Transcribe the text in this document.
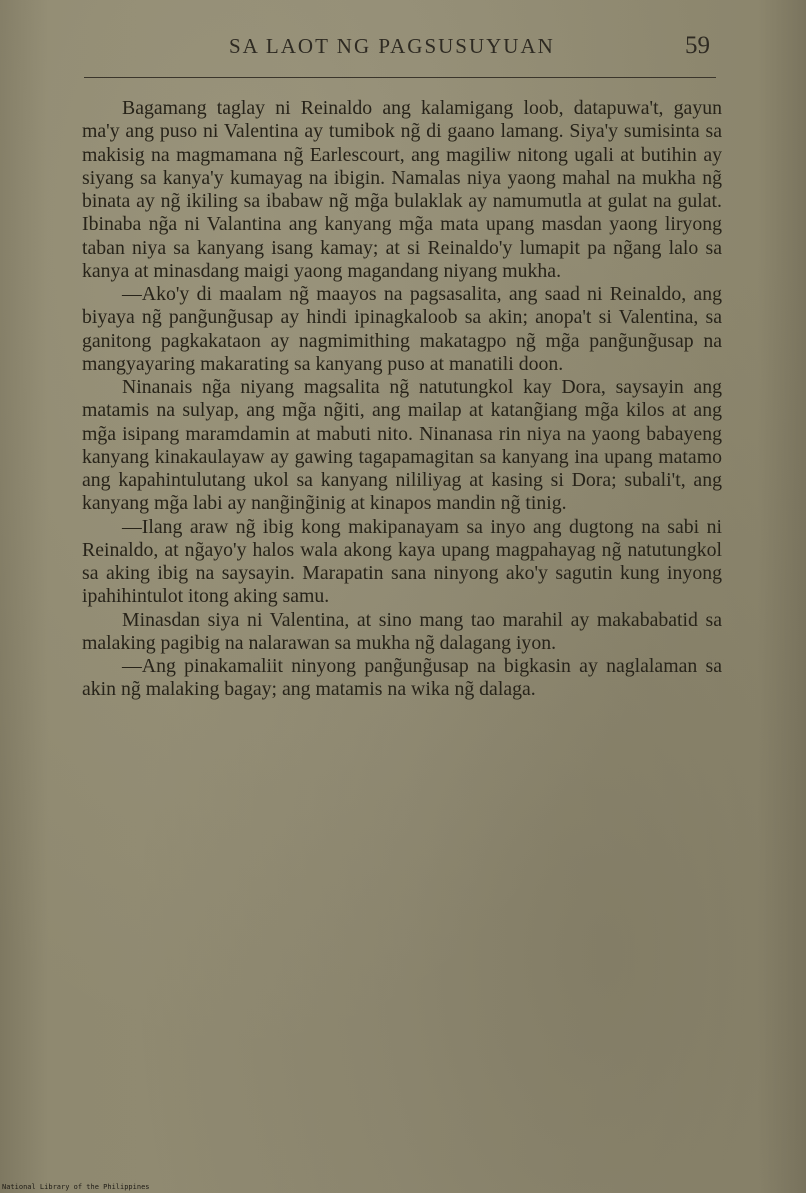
SA LAOT NG PAGSUSUYUAN	59

Bagamang taglay ni Reinaldo ang kalamigang loob, datapuwa't, gayun ma'y ang puso ni Valentina ay tumibok ng̃ di gaano lamang. Siya'y sumisinta sa makisig na magmamana ng̃ Earlescourt, ang magiliw nitong ugali at butihin ay siyang sa kanya'y kumayag na ibigin. Namalas niya yaong mahal na mukha ng̃ binata ay ng̃ ikiling sa ibabaw ng̃ mg̃a bulaklak ay namumutla at gulat na gulat. Ibinaba ng̃a ni Valantina ang kanyang mg̃a mata upang masdan yaong liryong taban niya sa kanyang isang kamay; at si Reinaldo'y lumapit pa ng̃ang lalo sa kanya at minasdang maigi yaong magandang niyang mukha.

—Ako'y di maalam ng̃ maayos na pagsasalita, ang saad ni Reinaldo, ang biyaya ng̃ pang̃ung̃usap ay hindi ipinagkaloob sa akin; anopa't si Valentina, sa ganitong pagkakataon ay nagmimithing makatagpo ng̃ mg̃a pang̃ung̃usap na mangyayaring makarating sa kanyang puso at manatili doon.

Ninanais ng̃a niyang magsalita ng̃ natutungkol kay Dora, saysayin ang matamis na sulyap, ang mg̃a ng̃iti, ang mailap at katang̃iang mg̃a kilos at ang mg̃a isipang maramdamin at mabuti nito. Ninanasa rin niya na yaong babayeng kanyang kinakaulayaw ay gawing tagapamagitan sa kanyang ina upang matamo ang kapahintulutang ukol sa kanyang nililiyag at kasing si Dora; subali't, ang kanyang mg̃a labi ay nang̃ing̃inig at kinapos mandin ng̃ tinig.

—Ilang araw ng̃ ibig kong makipanayam sa inyo ang dugtong na sabi ni Reinaldo, at ng̃ayo'y halos wala akong kaya upang magpahayag ng̃ natutungkol sa aking ibig na saysayin. Marapatin sana ninyong ako'y sagutin kung inyong ipahihintulot itong aking samu.

Minasdan siya ni Valentina, at sino mang tao marahil ay makababatid sa malaking pagibig na nalarawan sa mukha ng̃ dalagang iyon.

—Ang pinakamaliit ninyong pang̃ung̃usap na bigkasin ay naglalaman sa akin ng̃ malaking bagay; ang matamis na wika ng̃ dalaga.

National Library of the Philippines
